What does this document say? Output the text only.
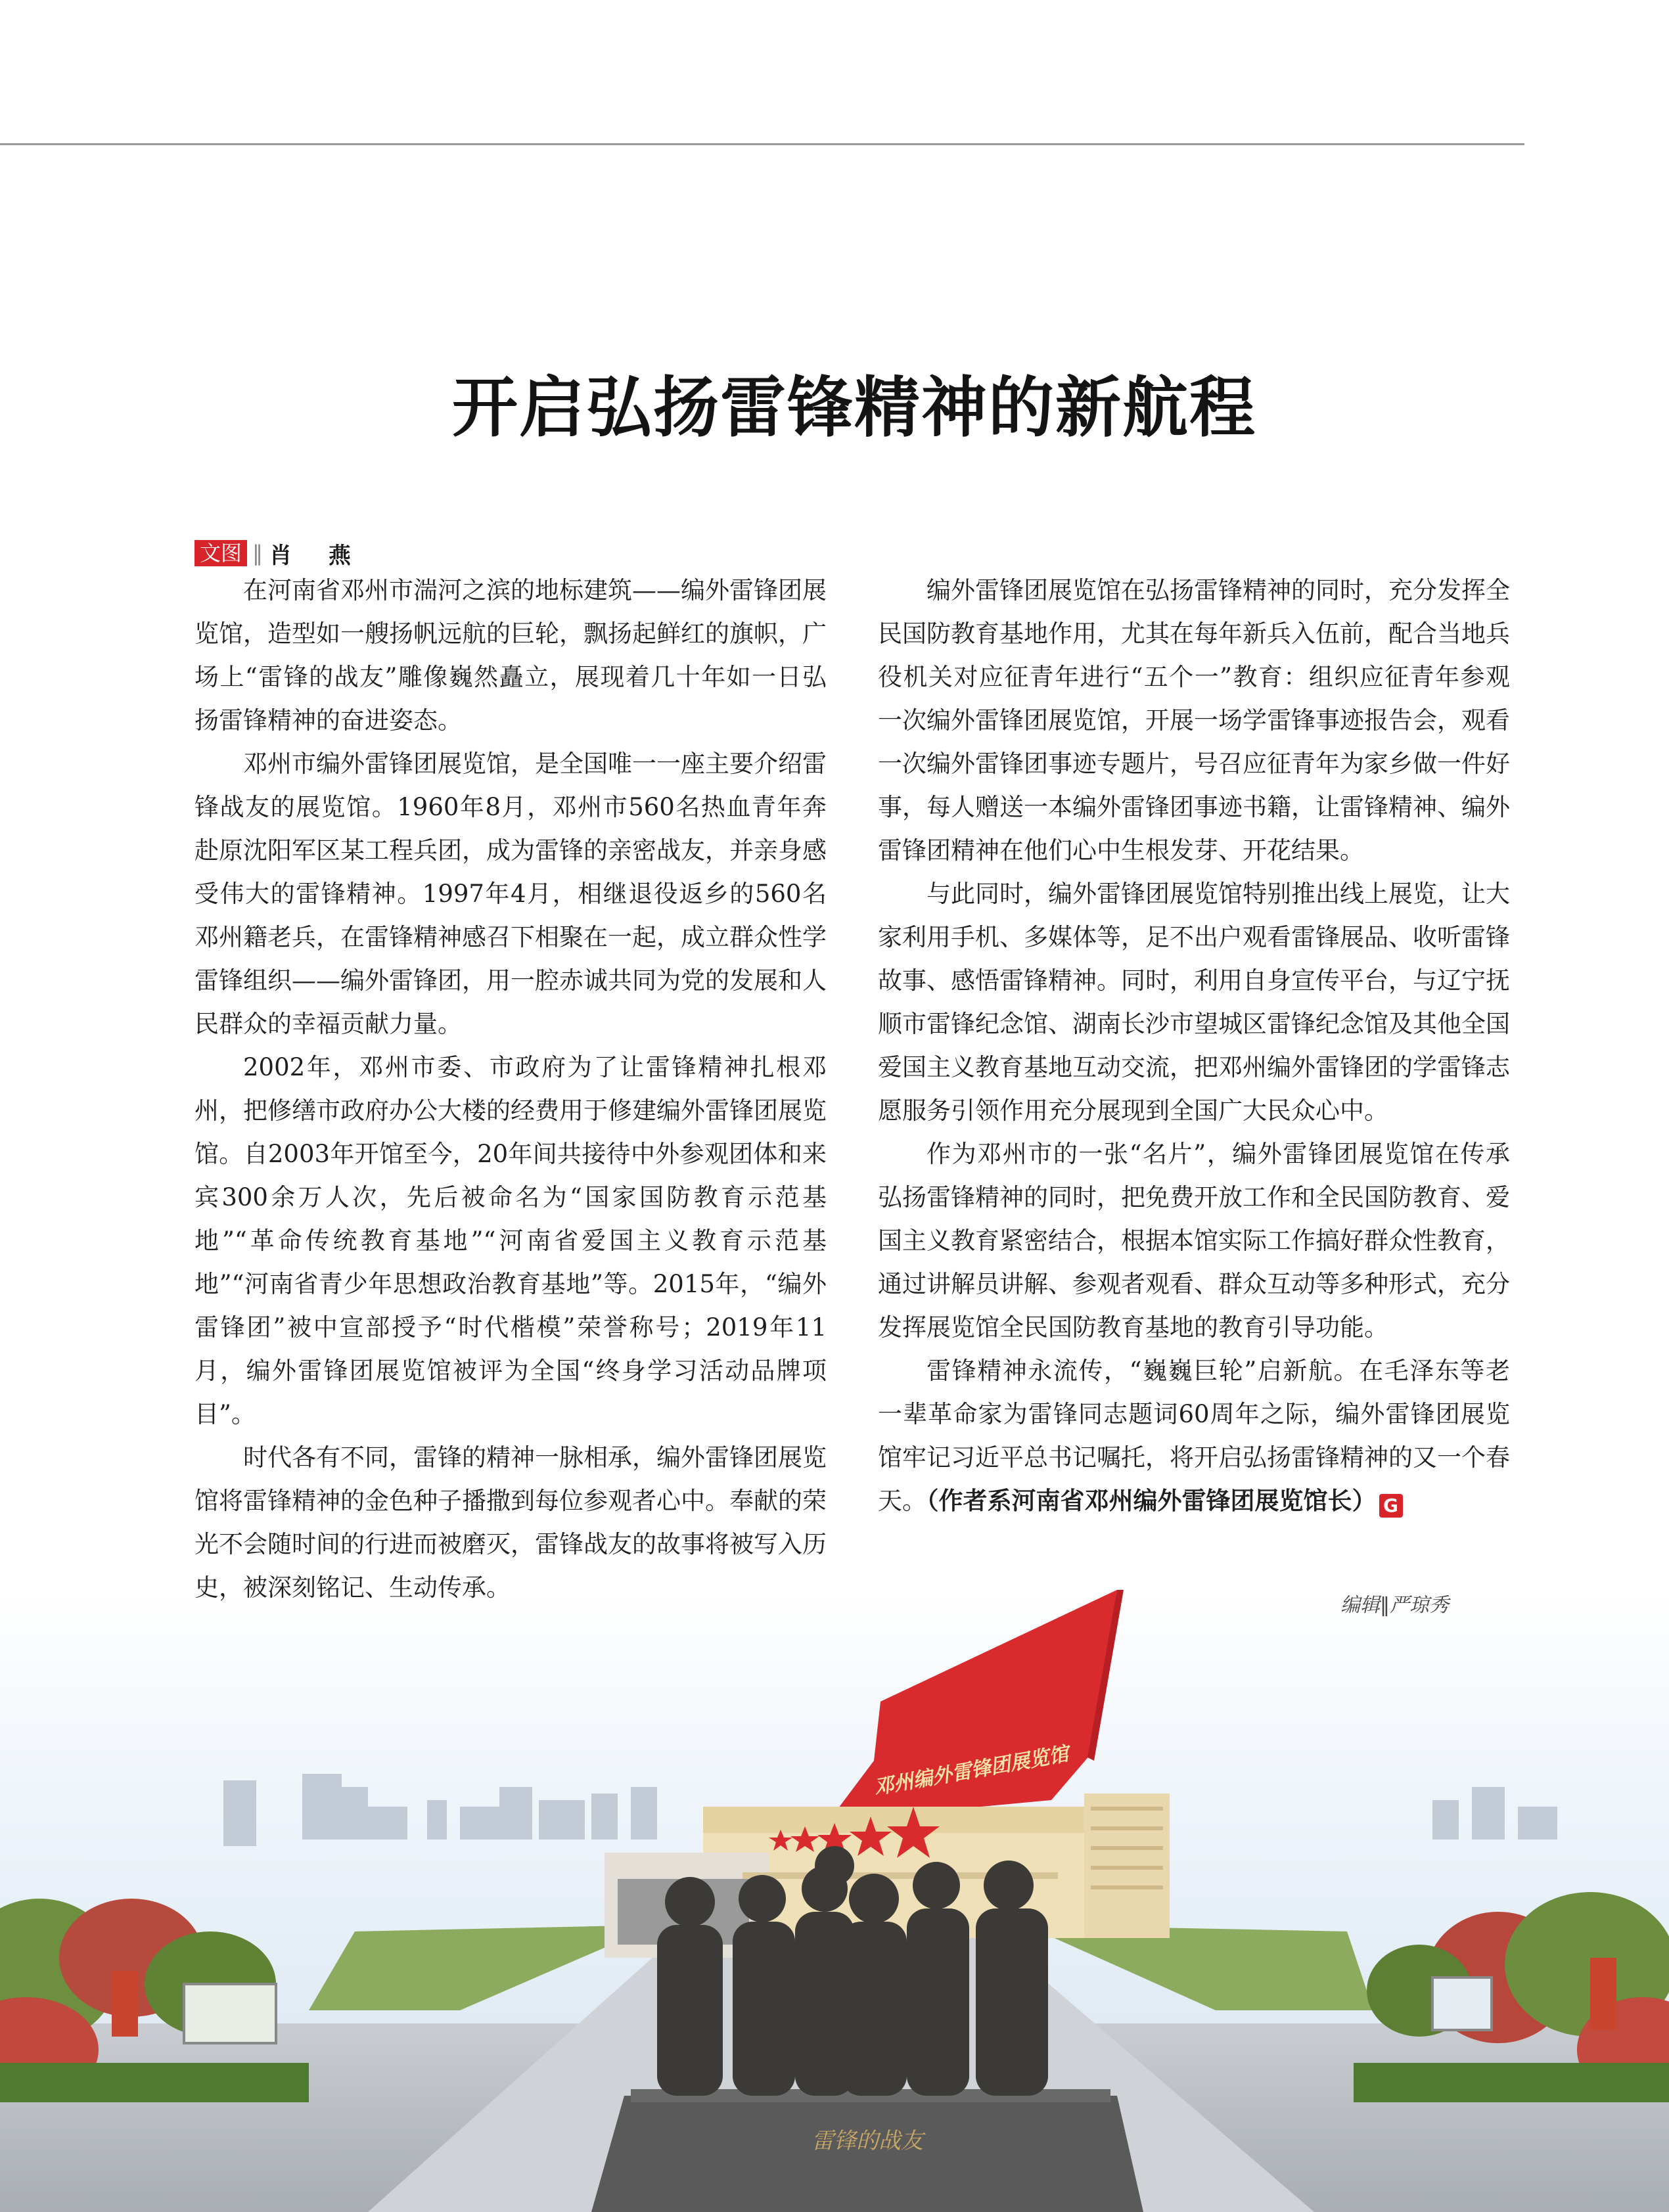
开启弘扬雷锋精神的新航程
文图 ‖ 肖 燕

在河南省邓州市湍河之滨的地标建筑——编外雷锋团展览馆，造型如一艘扬帆远航的巨轮，飘扬起鲜红的旗帜，广场上“雷锋的战友”雕像巍然矗立，展现着几十年如一日弘扬雷锋精神的奋进姿态。

邓州市编外雷锋团展览馆，是全国唯一一座主要介绍雷锋战友的展览馆。1960年8月，邓州市560名热血青年奔赴原沈阳军区某工程兵团，成为雷锋的亲密战友，并亲身感受伟大的雷锋精神。1997年4月，相继退役返乡的560名邓州籍老兵，在雷锋精神感召下相聚在一起，成立群众性学雷锋组织——编外雷锋团，用一腔赤诚共同为党的发展和人民群众的幸福贡献力量。

2002年，邓州市委、市政府为了让雷锋精神扎根邓州，把修缮市政府办公大楼的经费用于修建编外雷锋团展览馆。自2003年开馆至今，20年间共接待中外参观团体和来宾300余万人次，先后被命名为“国家国防教育示范基地”“革命传统教育基地”“河南省爱国主义教育示范基地”“河南省青少年思想政治教育基地”等。2015年，“编外雷锋团”被中宣部授予“时代楷模”荣誉称号；2019年11月，编外雷锋团展览馆被评为全国“终身学习活动品牌项目”。

时代各有不同，雷锋的精神一脉相承，编外雷锋团展览馆将雷锋精神的金色种子播撒到每位参观者心中。奉献的荣光不会随时间的行进而被磨灭，雷锋战友的故事将被写入历史，被深刻铭记、生动传承。

编外雷锋团展览馆在弘扬雷锋精神的同时，充分发挥全民国防教育基地作用，尤其在每年新兵入伍前，配合当地兵役机关对应征青年进行“五个一”教育：组织应征青年参观一次编外雷锋团展览馆，开展一场学雷锋事迹报告会，观看一次编外雷锋团事迹专题片，号召应征青年为家乡做一件好事，每人赠送一本编外雷锋团事迹书籍，让雷锋精神、编外雷锋团精神在他们心中生根发芽、开花结果。

与此同时，编外雷锋团展览馆特别推出线上展览，让大家利用手机、多媒体等，足不出户观看雷锋展品、收听雷锋故事、感悟雷锋精神。同时，利用自身宣传平台，与辽宁抚顺市雷锋纪念馆、湖南长沙市望城区雷锋纪念馆及其他全国爱国主义教育基地互动交流，把邓州编外雷锋团的学雷锋志愿服务引领作用充分展现到全国广大民众心中。

作为邓州市的一张“名片”，编外雷锋团展览馆在传承弘扬雷锋精神的同时，把免费开放工作和全民国防教育、爱国主义教育紧密结合，根据本馆实际工作搞好群众性教育，通过讲解员讲解、参观者观看、群众互动等多种形式，充分发挥展览馆全民国防教育基地的教育引导功能。

雷锋精神永流传，“巍巍巨轮”启新航。在毛泽东等老一辈革命家为雷锋同志题词60周年之际，编外雷锋团展览馆牢记习近平总书记嘱托，将开启弘扬雷锋精神的又一个春天。（作者系河南省邓州编外雷锋团展览馆长） G

编辑‖严琼秀
邓州编外雷锋团展览馆
雷锋的战友
